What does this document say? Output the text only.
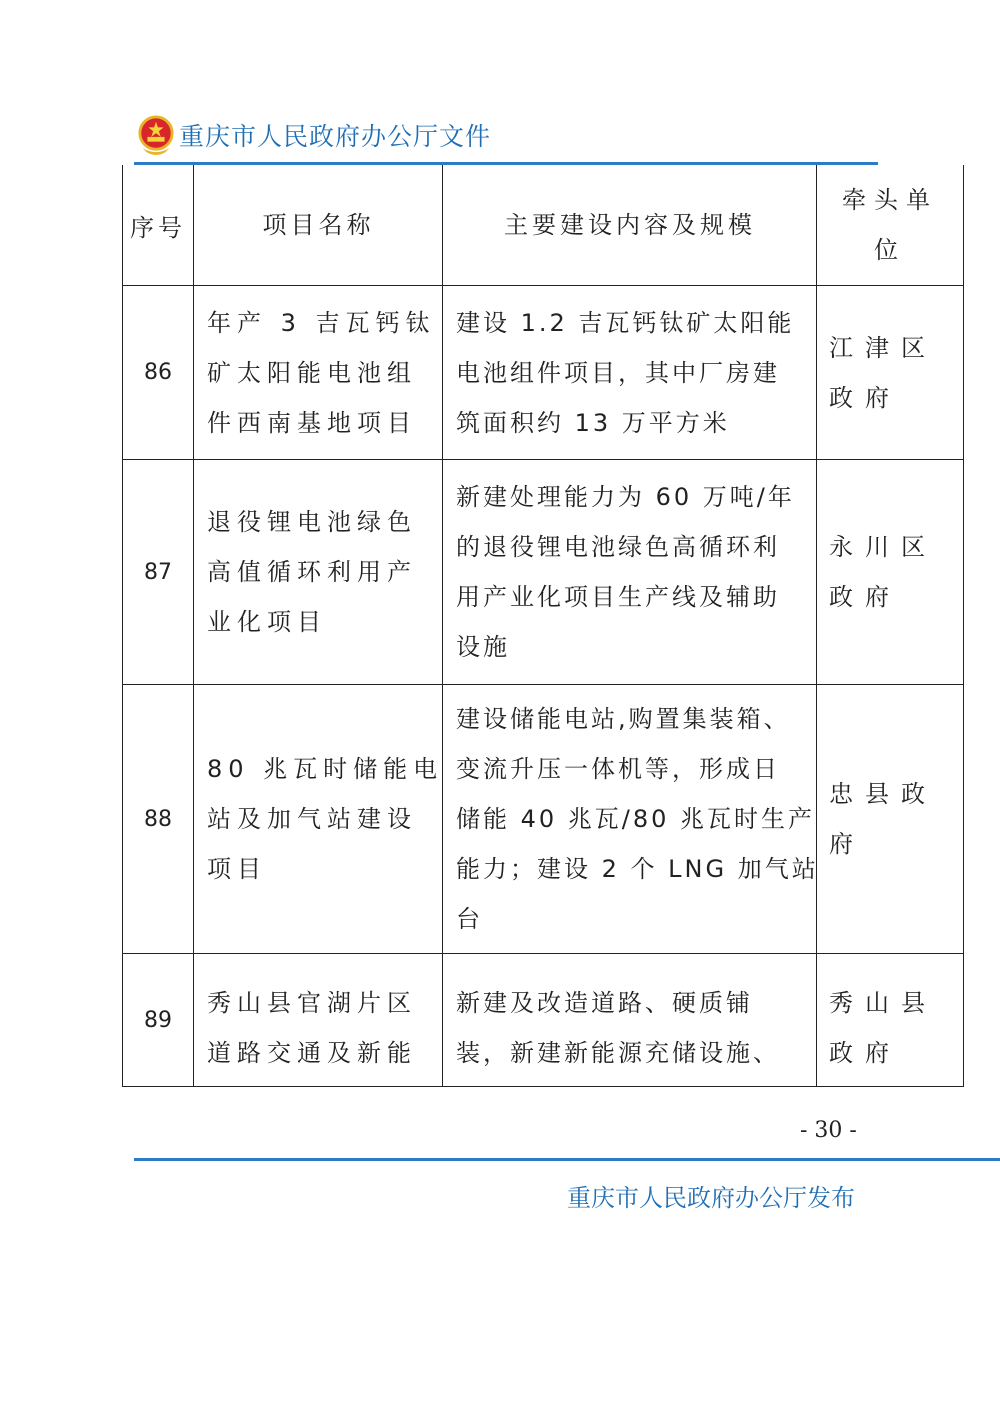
重庆市人民政府办公厅文件
序号	项目名称	主要建设内容及规模	牵头单
位

86	年产 3 吉瓦钙钛
矿太阳能电池组
件西南基地项目	建设 1.2 吉瓦钙钛矿太阳能
电池组件项目，其中厂房建
筑面积约 13 万平方米	江津区
政府

87	退役锂电池绿色
高值循环利用产
业化项目	新建处理能力为 60 万吨/年
的退役锂电池绿色高循环利
用产业化项目生产线及辅助
设施	永川区
政府

88	80 兆瓦时储能电
站及加气站建设
项目	建设储能电站,购置集装箱、
变流升压一体机等，形成日
储能 40 兆瓦/80 兆瓦时生产
能力；建设 2 个 LNG 加气站
台	忠县政
府

89	秀山县官湖片区
道路交通及新能	新建及改造道路、硬质铺
装，新建新能源充储设施、	秀山县
政府
- 30 -
重庆市人民政府办公厅发布
